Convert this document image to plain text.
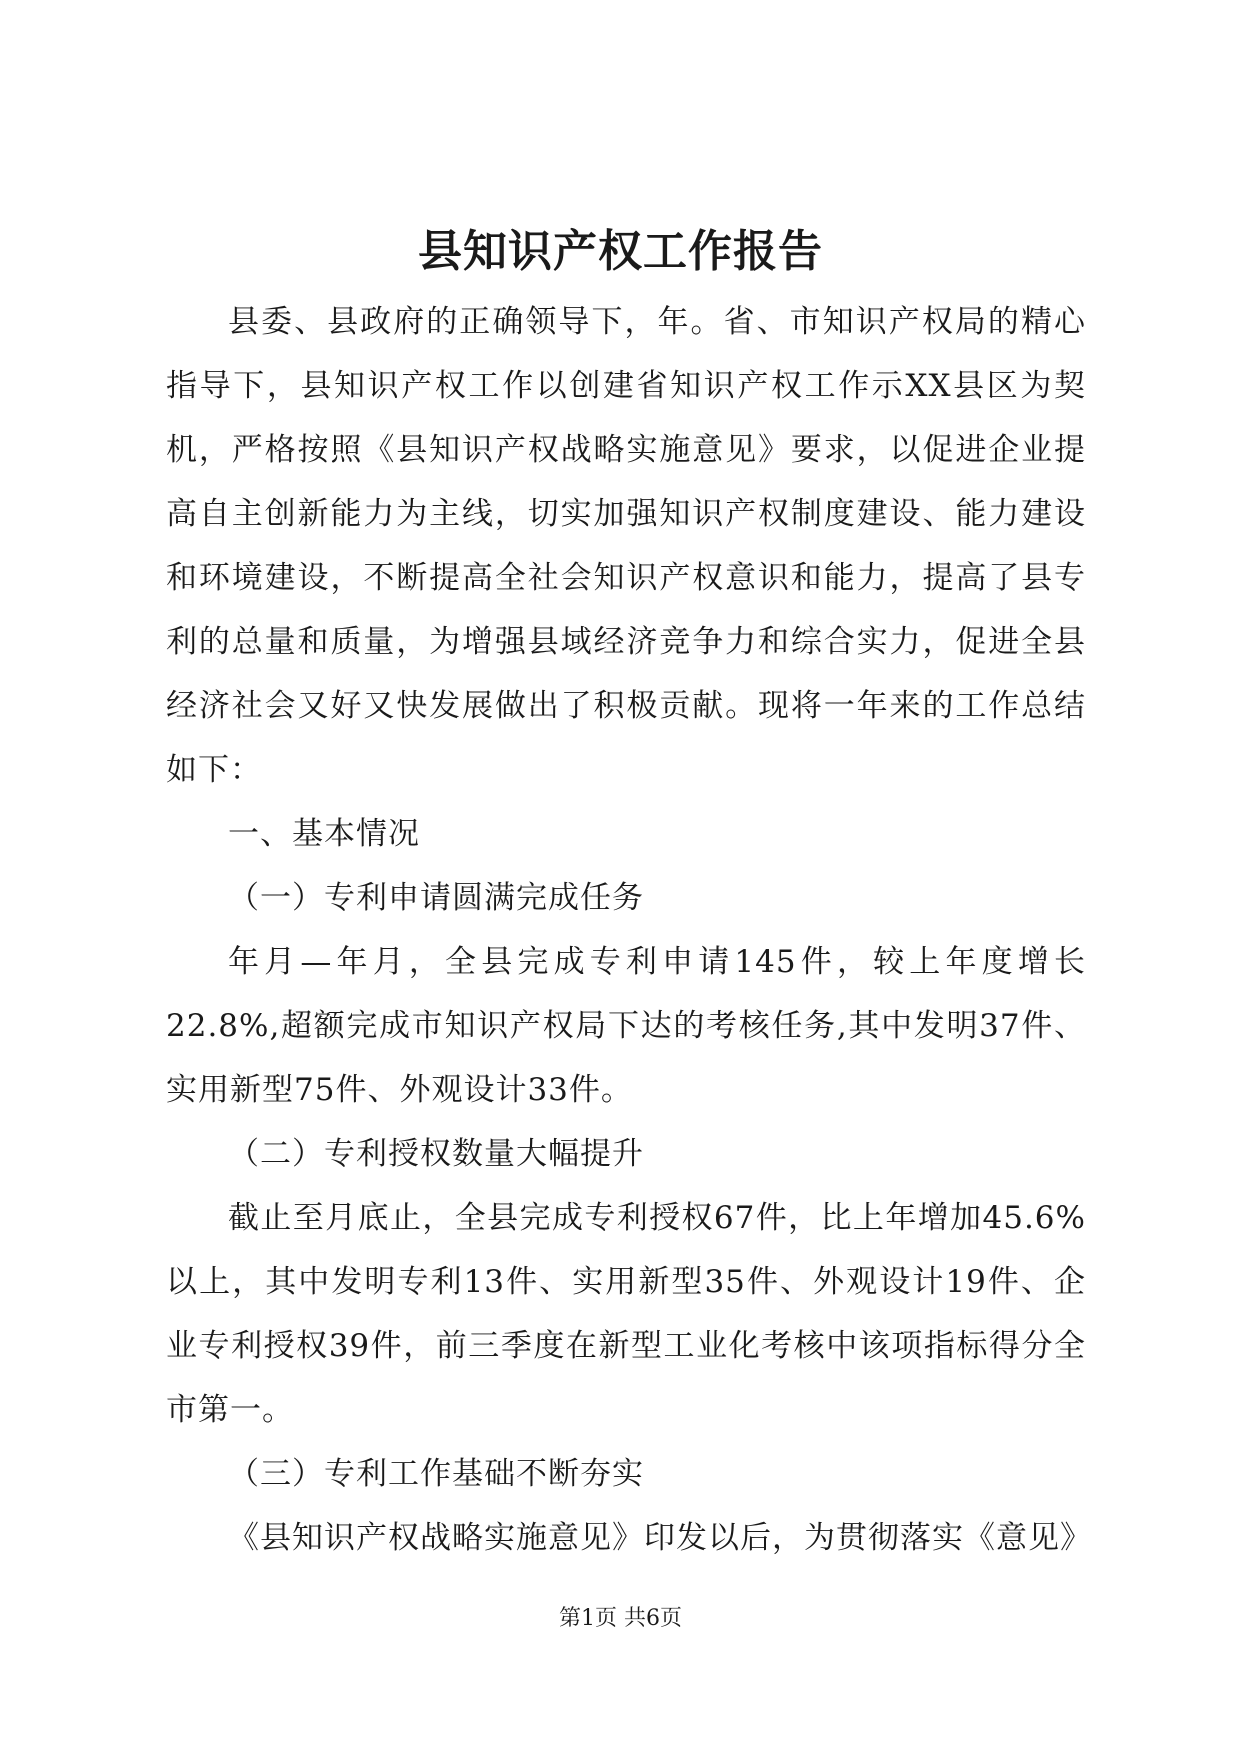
县知识产权工作报告

县委、县政府的正确领导下，年。省、市知识产权局的精心指导下，县知识产权工作以创建省知识产权工作示XX县区为契机，严格按照《县知识产权战略实施意见》要求，以促进企业提高自主创新能力为主线，切实加强知识产权制度建设、能力建设和环境建设，不断提高全社会知识产权意识和能力，提高了县专利的总量和质量，为增强县域经济竞争力和综合实力，促进全县经济社会又好又快发展做出了积极贡献。现将一年来的工作总结如下：

一、基本情况

（一）专利申请圆满完成任务

年月—年月，全县完成专利申请145件，较上年度增长22.8%,超额完成市知识产权局下达的考核任务,其中发明37件、实用新型75件、外观设计33件。

（二）专利授权数量大幅提升

截止至月底止，全县完成专利授权67件，比上年增加45.6%以上，其中发明专利13件、实用新型35件、外观设计19件、企业专利授权39件，前三季度在新型工业化考核中该项指标得分全市第一。

（三）专利工作基础不断夯实

《县知识产权战略实施意见》印发以后，为贯彻落实《意见》

第1页 共6页
